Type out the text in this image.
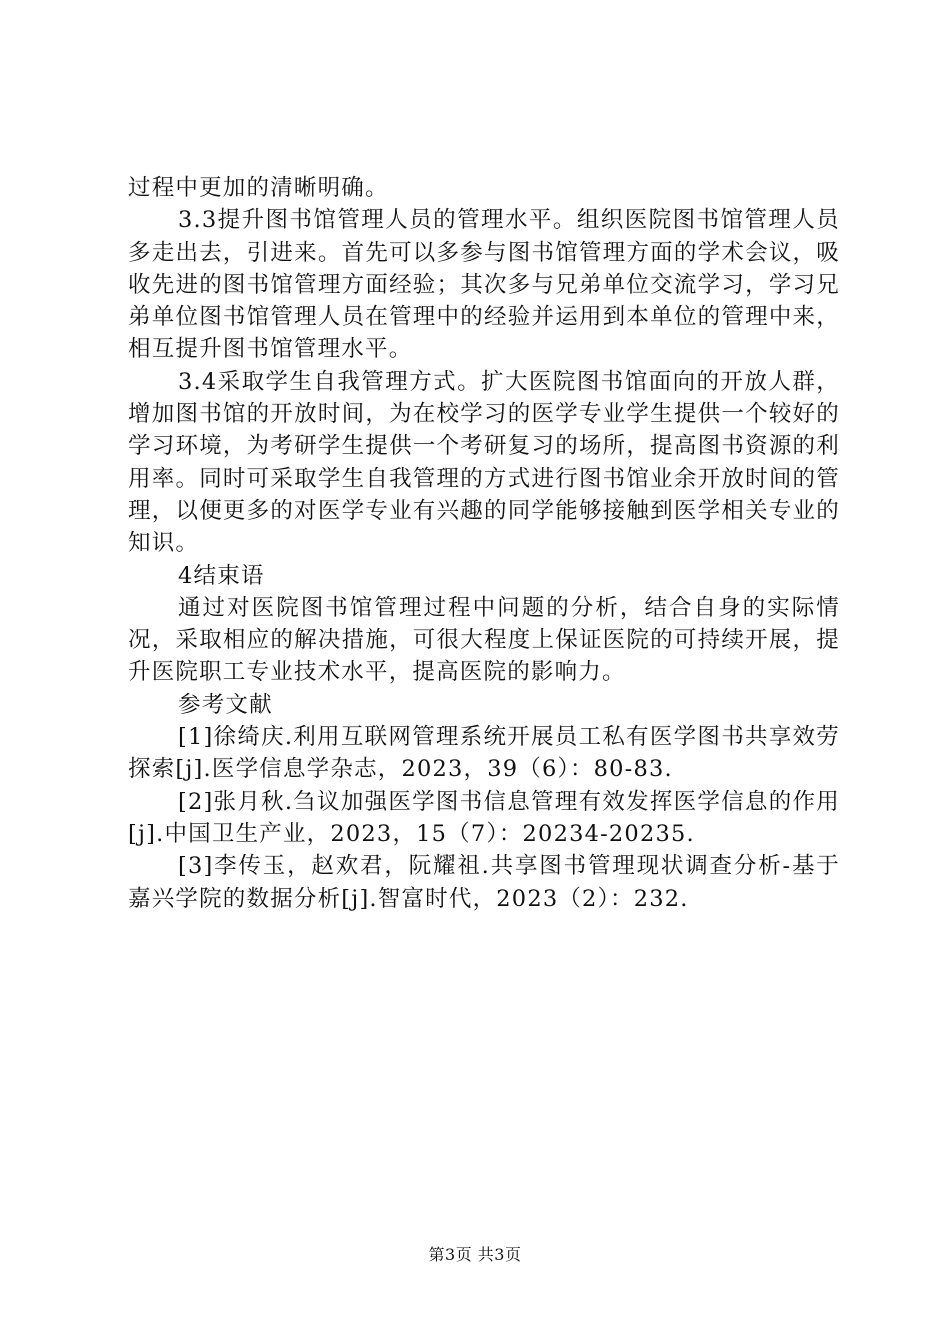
过程中更加的清晰明确。

3.3提升图书馆管理人员的管理水平。组织医院图书馆管理人员多走出去，引进来。首先可以多参与图书馆管理方面的学术会议，吸收先进的图书馆管理方面经验；其次多与兄弟单位交流学习，学习兄弟单位图书馆管理人员在管理中的经验并运用到本单位的管理中来，相互提升图书馆管理水平。

3.4采取学生自我管理方式。扩大医院图书馆面向的开放人群，增加图书馆的开放时间，为在校学习的医学专业学生提供一个较好的学习环境，为考研学生提供一个考研复习的场所，提高图书资源的利用率。同时可采取学生自我管理的方式进行图书馆业余开放时间的管理，以便更多的对医学专业有兴趣的同学能够接触到医学相关专业的知识。

4结束语

通过对医院图书馆管理过程中问题的分析，结合自身的实际情况，采取相应的解决措施，可很大程度上保证医院的可持续开展，提升医院职工专业技术水平，提高医院的影响力。

参考文献

[1]徐绮庆.利用互联网管理系统开展员工私有医学图书共享效劳探索[j].医学信息学杂志，2023，39（6）：80-83.

[2]张月秋.刍议加强医学图书信息管理有效发挥医学信息的作用[j].中国卫生产业，2023，15（7）：20234-20235.

[3]李传玉，赵欢君，阮耀祖.共享图书管理现状调查分析-基于嘉兴学院的数据分析[j].智富时代，2023（2）：232.

第3页 共3页
